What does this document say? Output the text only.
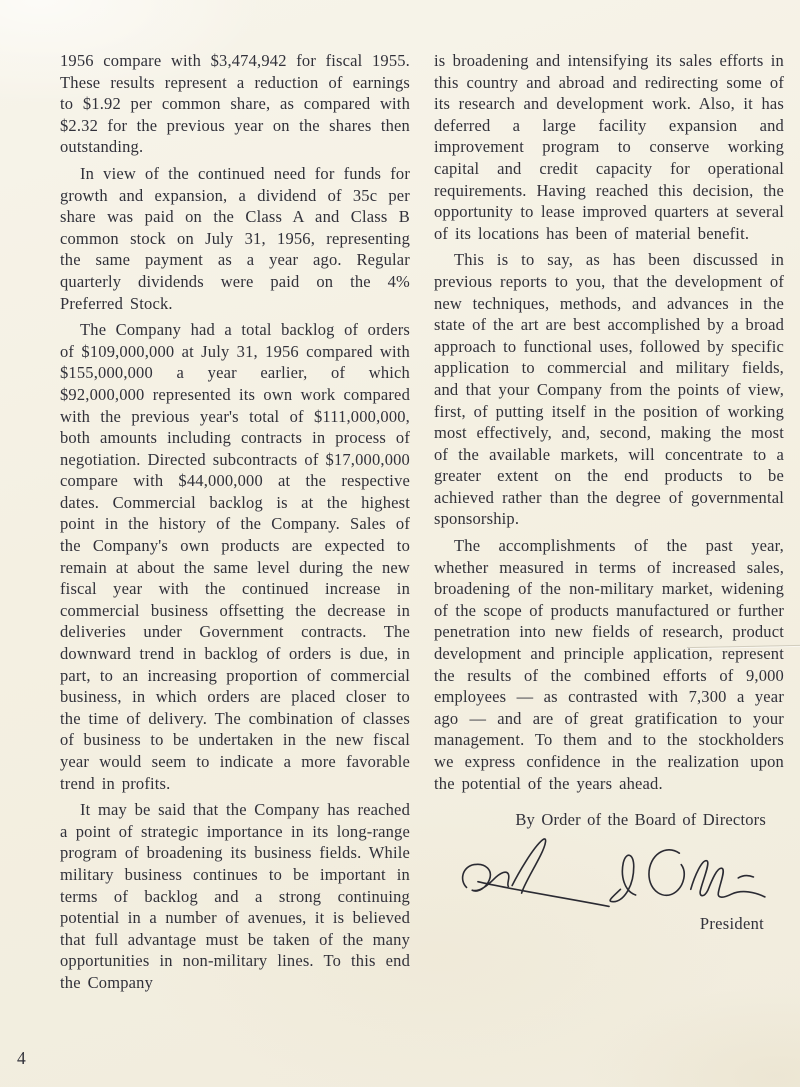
1956 compare with $3,474,942 for fiscal 1955. These results represent a reduction of earnings to $1.92 per common share, as compared with $2.32 for the previous year on the shares then outstanding.

In view of the continued need for funds for growth and expansion, a dividend of 35c per share was paid on the Class A and Class B common stock on July 31, 1956, representing the same payment as a year ago. Regular quarterly dividends were paid on the 4% Preferred Stock.

The Company had a total backlog of orders of $109,000,000 at July 31, 1956 compared with $155,000,000 a year earlier, of which $92,000,000 represented its own work compared with the previous year's total of $111,000,000, both amounts including contracts in process of negotiation. Directed subcontracts of $17,000,000 compare with $44,000,000 at the respective dates. Commercial backlog is at the highest point in the history of the Company. Sales of the Company's own products are expected to remain at about the same level during the new fiscal year with the continued increase in commercial business offsetting the decrease in deliveries under Government contracts. The downward trend in backlog of orders is due, in part, to an increasing proportion of commercial business, in which orders are placed closer to the time of delivery. The combination of classes of business to be undertaken in the new fiscal year would seem to indicate a more favorable trend in profits.

It may be said that the Company has reached a point of strategic importance in its long-range program of broadening its business fields. While military business continues to be important in terms of backlog and a strong continuing potential in a number of avenues, it is believed that full advantage must be taken of the many opportunities in non-military lines. To this end the Company

is broadening and intensifying its sales efforts in this country and abroad and redirecting some of its research and development work. Also, it has deferred a large facility expansion and improvement program to conserve working capital and credit capacity for operational requirements. Having reached this decision, the opportunity to lease improved quarters at several of its locations has been of material benefit.

This is to say, as has been discussed in previous reports to you, that the development of new techniques, methods, and advances in the state of the art are best accomplished by a broad approach to functional uses, followed by specific application to commercial and military fields, and that your Company from the points of view, first, of putting itself in the position of working most effectively, and, second, making the most of the available markets, will concentrate to a greater extent on the end products to be achieved rather than the degree of governmental sponsorship.

The accomplishments of the past year, whether measured in terms of increased sales, broadening of the non-military market, widening of the scope of products manufactured or further penetration into new fields of research, product development and principle application, represent the results of the combined efforts of 9,000 employees — as contrasted with 7,300 a year ago — and are of great gratification to your management. To them and to the stockholders we express confidence in the realization upon the potential of the years ahead.

By Order of the Board of Directors

President

4
